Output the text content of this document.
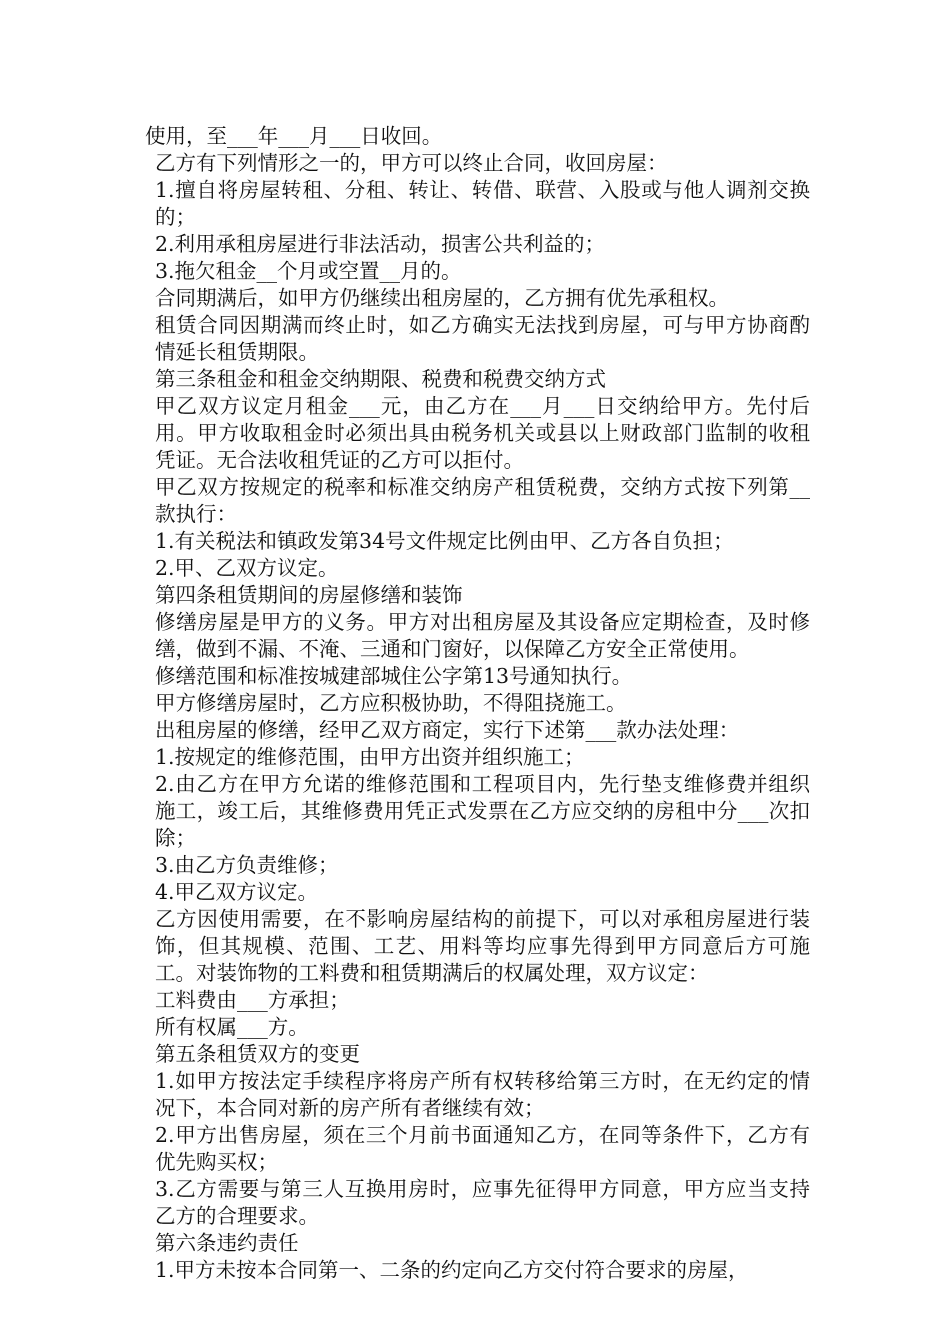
使用，至___年___月___日收回。

乙方有下列情形之一的，甲方可以终止合同，收回房屋：

1.擅自将房屋转租、分租、转让、转借、联营、入股或与他人调剂交换的；

2.利用承租房屋进行非法活动，损害公共利益的；

3.拖欠租金__个月或空置__月的。

合同期满后，如甲方仍继续出租房屋的，乙方拥有优先承租权。

租赁合同因期满而终止时，如乙方确实无法找到房屋，可与甲方协商酌情延长租赁期限。

第三条租金和租金交纳期限、税费和税费交纳方式

甲乙双方议定月租金___元，由乙方在___月___日交纳给甲方。先付后用。甲方收取租金时必须出具由税务机关或县以上财政部门监制的收租凭证。无合法收租凭证的乙方可以拒付。

甲乙双方按规定的税率和标准交纳房产租赁税费，交纳方式按下列第__款执行：

1.有关税法和镇政发第34号文件规定比例由甲、乙方各自负担；

2.甲、乙双方议定。

第四条租赁期间的房屋修缮和装饰

修缮房屋是甲方的义务。甲方对出租房屋及其设备应定期检查，及时修缮，做到不漏、不淹、三通和门窗好，以保障乙方安全正常使用。

修缮范围和标准按城建部城住公字第13号通知执行。

甲方修缮房屋时，乙方应积极协助，不得阻挠施工。

出租房屋的修缮，经甲乙双方商定，实行下述第___款办法处理：

1.按规定的维修范围，由甲方出资并组织施工；

2.由乙方在甲方允诺的维修范围和工程项目内，先行垫支维修费并组织施工，竣工后，其维修费用凭正式发票在乙方应交纳的房租中分___次扣除；

3.由乙方负责维修；

4.甲乙双方议定。

乙方因使用需要，在不影响房屋结构的前提下，可以对承租房屋进行装饰，但其规模、范围、工艺、用料等均应事先得到甲方同意后方可施工。对装饰物的工料费和租赁期满后的权属处理，双方议定：

工料费由___方承担；

所有权属___方。

第五条租赁双方的变更

1.如甲方按法定手续程序将房产所有权转移给第三方时，在无约定的情况下，本合同对新的房产所有者继续有效；

2.甲方出售房屋，须在三个月前书面通知乙方，在同等条件下，乙方有优先购买权；

3.乙方需要与第三人互换用房时，应事先征得甲方同意，甲方应当支持乙方的合理要求。

第六条违约责任

1.甲方未按本合同第一、二条的约定向乙方交付符合要求的房屋，
